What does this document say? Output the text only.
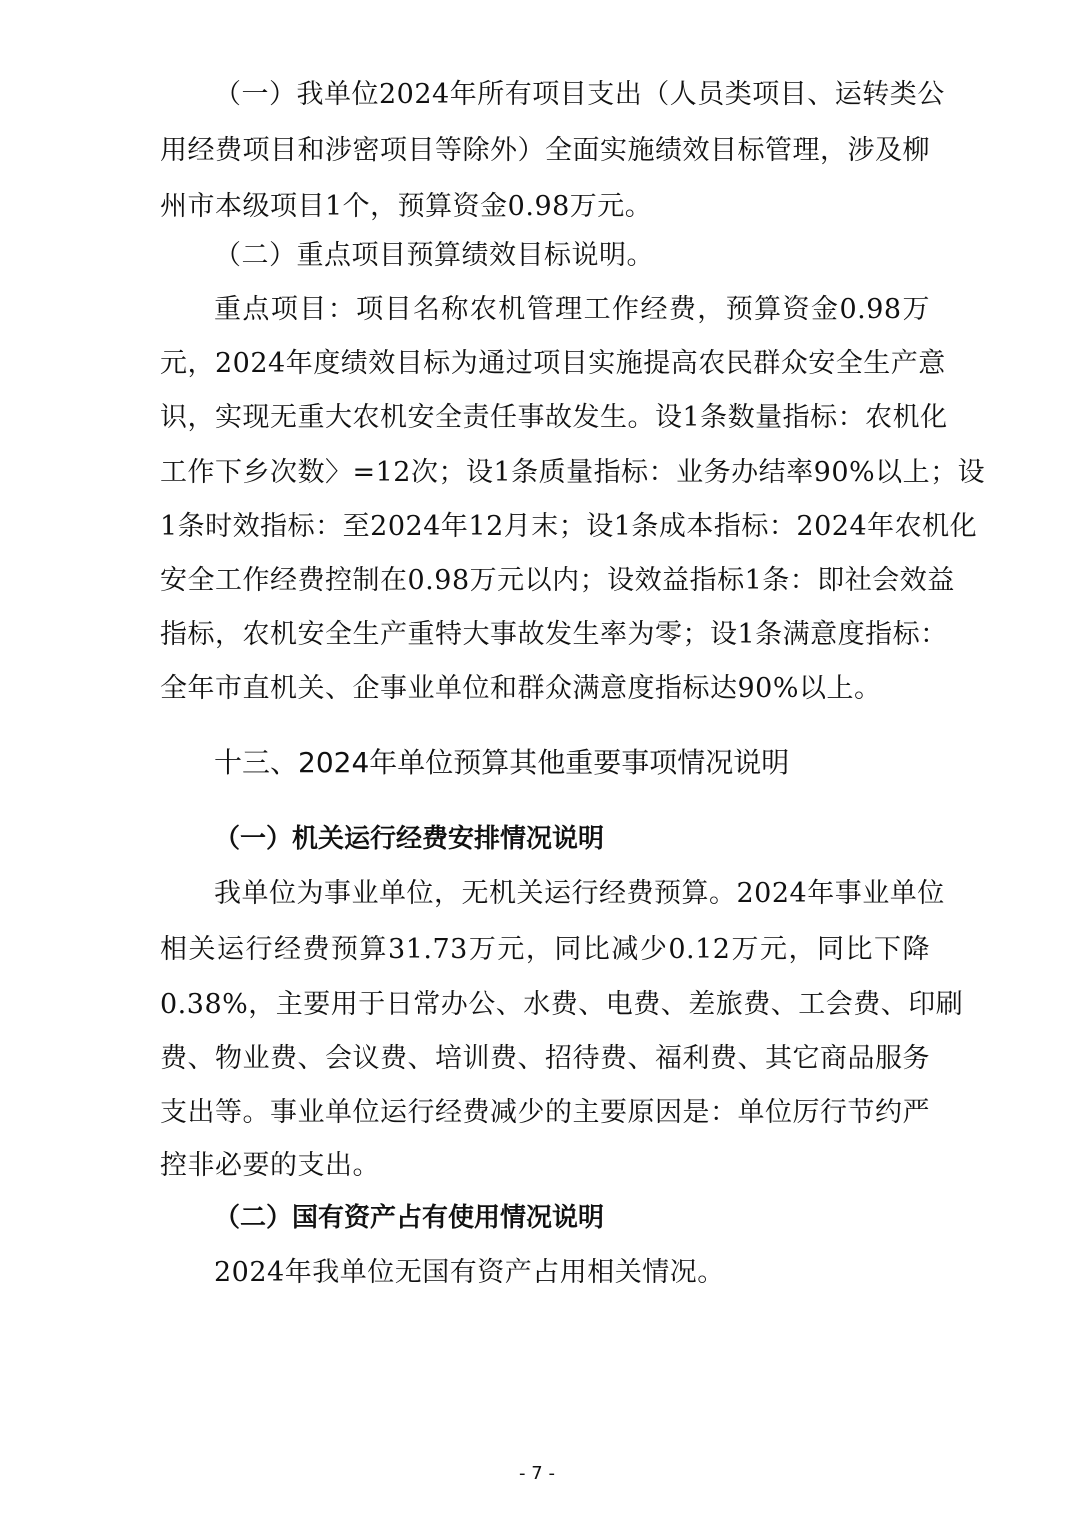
（一）我单位2024年所有项目支出（人员类项目、运转类公
用经费项目和涉密项目等除外）全面实施绩效目标管理，涉及柳
州市本级项目1个，预算资金0.98万元。
（二）重点项目预算绩效目标说明。
重点项目：项目名称农机管理工作经费，预算资金0.98万
元，2024年度绩效目标为通过项目实施提高农民群众安全生产意
识，实现无重大农机安全责任事故发生。设1条数量指标：农机化
工作下乡次数〉=12次；设1条质量指标：业务办结率90%以上；设
1条时效指标：至2024年12月末；设1条成本指标：2024年农机化
安全工作经费控制在0.98万元以内；设效益指标1条：即社会效益
指标，农机安全生产重特大事故发生率为零；设1条满意度指标：
全年市直机关、企事业单位和群众满意度指标达90%以上。
十三、2024年单位预算其他重要事项情况说明
（一）机关运行经费安排情况说明
我单位为事业单位，无机关运行经费预算。2024年事业单位
相关运行经费预算31.73万元，同比减少0.12万元，同比下降
0.38%，主要用于日常办公、水费、电费、差旅费、工会费、印刷
费、物业费、会议费、培训费、招待费、福利费、其它商品服务
支出等。事业单位运行经费减少的主要原因是：单位厉行节约严
控非必要的支出。
（二）国有资产占有使用情况说明
2024年我单位无国有资产占用相关情况。
- 7 -
